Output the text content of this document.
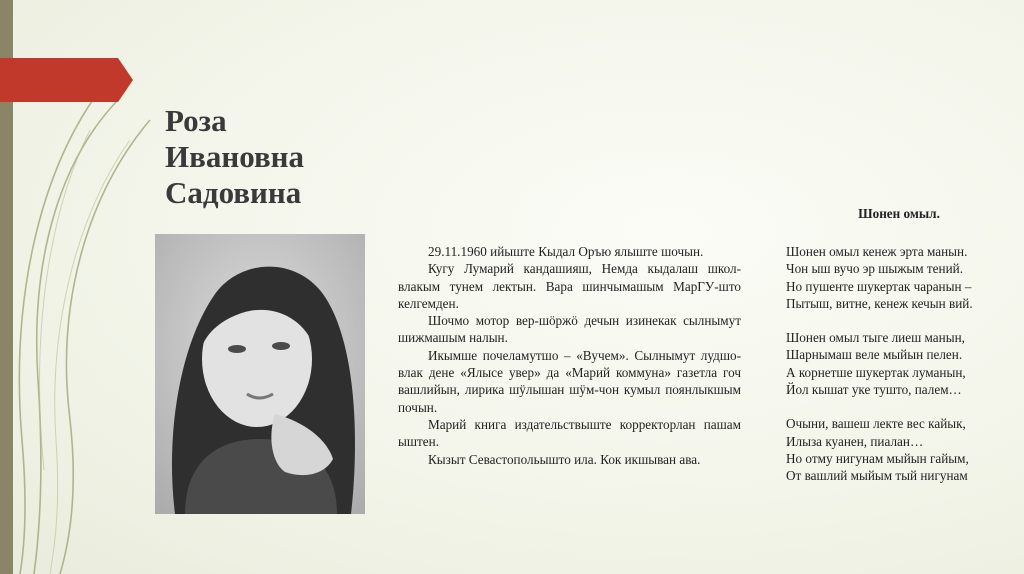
Роза
Ивановна
Садовина

29.11.1960 ийыште Кыдал Оръю ялыште шочын.

Кугу Лумарий кандашияш, Немда кыдалаш школ-влакым тунем лектын. Вара шинчымашым МарГУ-што келгемден.

Шочмо мотор вер-шӧржӧ дечын изинекак сылнымут шижмашым налын.

Икымше почеламутшо – «Вучем». Сылнымут лудшо-влак дене «Ялысе увер» да «Марий коммуна» газетла гоч вашлийын, лирика шӱлышан шӱм-чон кумыл поянлыкшым почын.

Марий книга издательствыште корректорлан пашам ыштен.

Кызыт Севастопольышто ила. Кок икшыван ава.

Шонен омыл.
Шонен омыл кенеж эрта манын.
Чон ыш вучо эр шыжым тений.
Но пушенте шукертак чаранын –
Пытыш, витне, кенеж кечын вий.
Шонен омыл тыге лиеш манын,
Шарнымаш веле мыйын пелен.
А корнетше шукертак луманын,
Йол кышат уке тушто, палем…
Очыни, вашеш лекте вес кайык,
Илыза куанен, пиалан…
Но отму нигунам мыйын гайым,
От вашлий мыйым тый нигунам
